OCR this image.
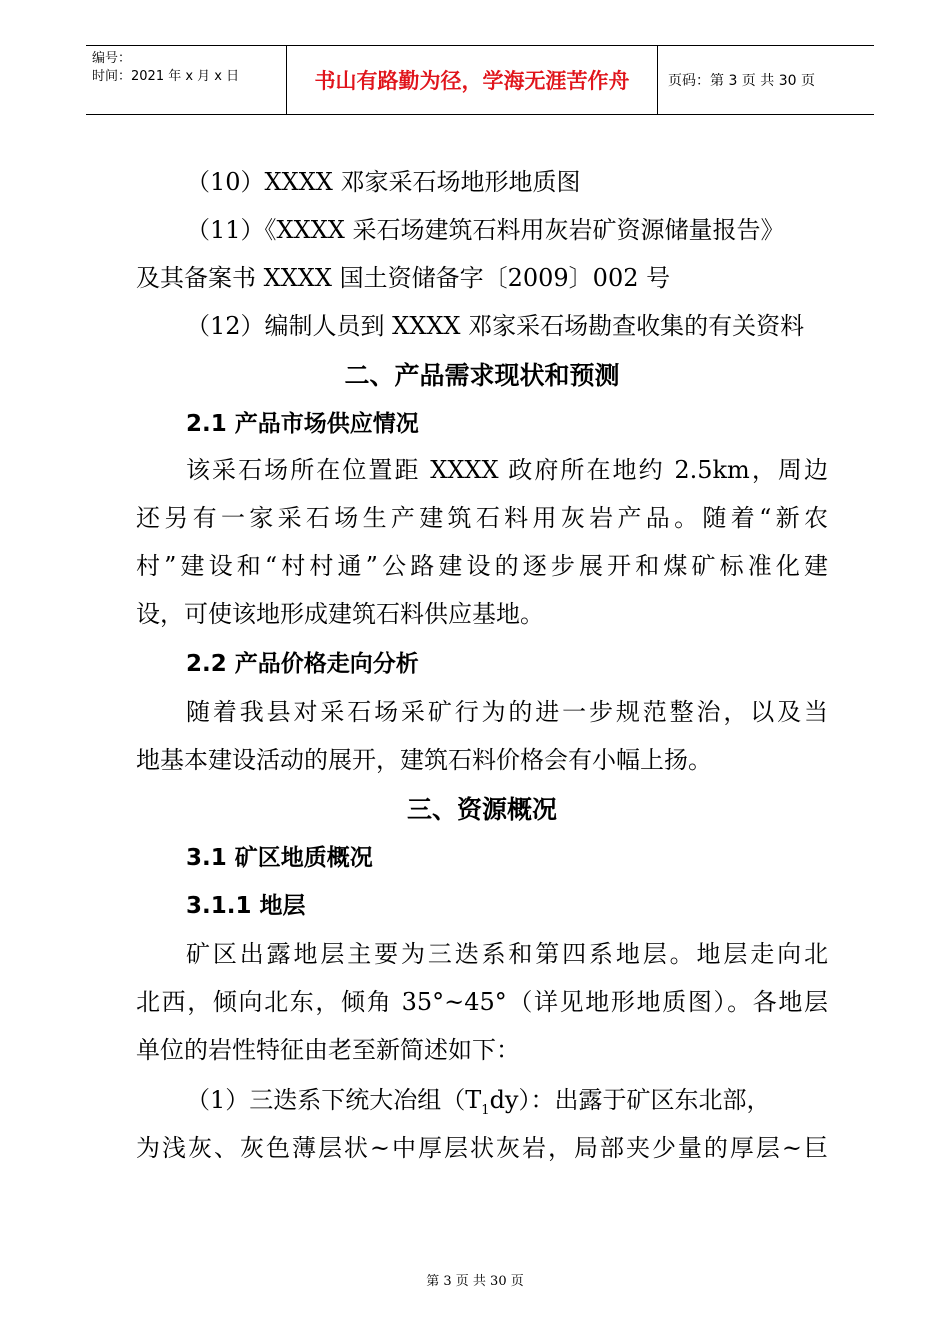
编号：
时间：2021 年 x 月 x 日	书山有路勤为径，学海无涯苦作舟	页码：第 3 页 共 30 页
（10）XXXX 邓家采石场地形地质图
（11）《XXXX 采石场建筑石料用灰岩矿资源储量报告》
及其备案书 XXXX 国土资储备字〔2009〕002 号
（12）编制人员到 XXXX 邓家采石场勘查收集的有关资料
二、产品需求现状和预测
2.1 产品市场供应情况
该采石场所在位置距 XXXX 政府所在地约 2.5km，周边
还另有一家采石场生产建筑石料用灰岩产品。随着“新农
村”建设和“村村通”公路建设的逐步展开和煤矿标准化建
设，可使该地形成建筑石料供应基地。
2.2 产品价格走向分析
随着我县对采石场采矿行为的进一步规范整治，以及当
地基本建设活动的展开，建筑石料价格会有小幅上扬。
三、资源概况
3.1 矿区地质概况
3.1.1 地层
矿区出露地层主要为三迭系和第四系地层。地层走向北
北西，倾向北东，倾角 35°~45°（详见地形地质图）。各地层
单位的岩性特征由老至新简述如下：
（1）三迭系下统大冶组$(T_1dy)$：出露于矿区东北部，
为浅灰、灰色薄层状~中厚层状灰岩，局部夹少量的厚层~巨
第 3 页 共 30 页
